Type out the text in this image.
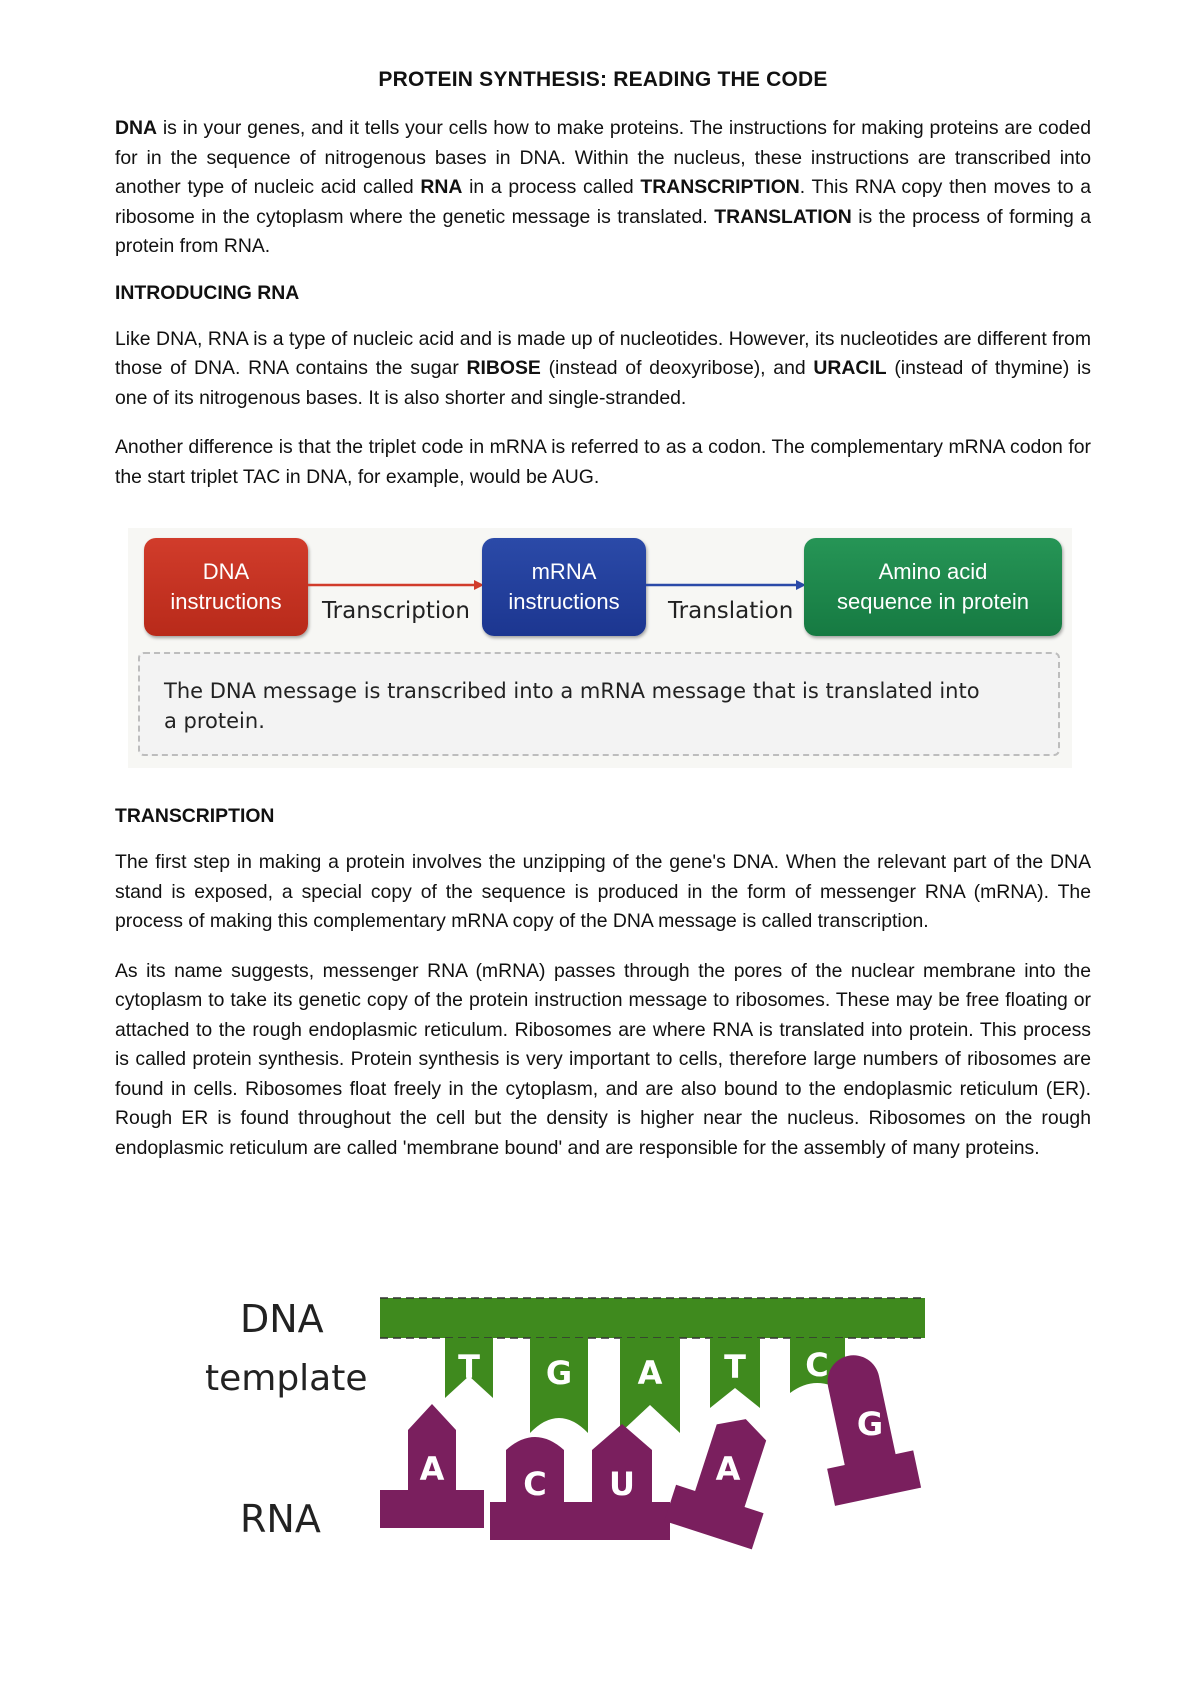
PROTEIN SYNTHESIS: READING THE CODE

DNA is in your genes, and it tells your cells how to make proteins. The instructions for making proteins are coded for in the sequence of nitrogenous bases in DNA. Within the nucleus, these instructions are transcribed into another type of nucleic acid called RNA in a process called TRANSCRIPTION. This RNA copy then moves to a ribosome in the cytoplasm where the genetic message is translated. TRANSLATION is the process of forming a protein from RNA.

INTRODUCING RNA

Like DNA, RNA is a type of nucleic acid and is made up of nucleotides. However, its nucleotides are different from those of DNA. RNA contains the sugar RIBOSE (instead of deoxyribose), and URACIL (instead of thymine) is one of its nitrogenous bases. It is also shorter and single-stranded.

Another difference is that the triplet code in mRNA is referred to as a codon. The complementary mRNA codon for the start triplet TAC in DNA, for example, would be AUG.

DNA
instructions Transcription
mRNA
instructions Translation
Amino acid
sequence in protein
The DNA message is transcribed into a mRNA message that is translated into
a protein.
TRANSCRIPTION

The first step in making a protein involves the unzipping of the gene's DNA. When the relevant part of the DNA stand is exposed, a special copy of the sequence is produced in the form of messenger RNA (mRNA). The process of making this complementary mRNA copy of the DNA message is called transcription.

As its name suggests, messenger RNA (mRNA) passes through the pores of the nuclear membrane into the cytoplasm to take its genetic copy of the protein instruction message to ribosomes. These may be free floating or attached to the rough endoplasmic reticulum. Ribosomes are where RNA is translated into protein. This process is called protein synthesis. Protein synthesis is very important to cells, therefore large numbers of ribosomes are found in cells. Ribosomes float freely in the cytoplasm, and are also bound to the endoplasmic reticulum (ER). Rough ER is found throughout the cell but the density is higher near the nucleus. Ribosomes on the rough endoplasmic reticulum are called 'membrane bound' and are responsible for the assembly of many proteins.

DNA
template
RNA
T G A T C
A C U	A
G
